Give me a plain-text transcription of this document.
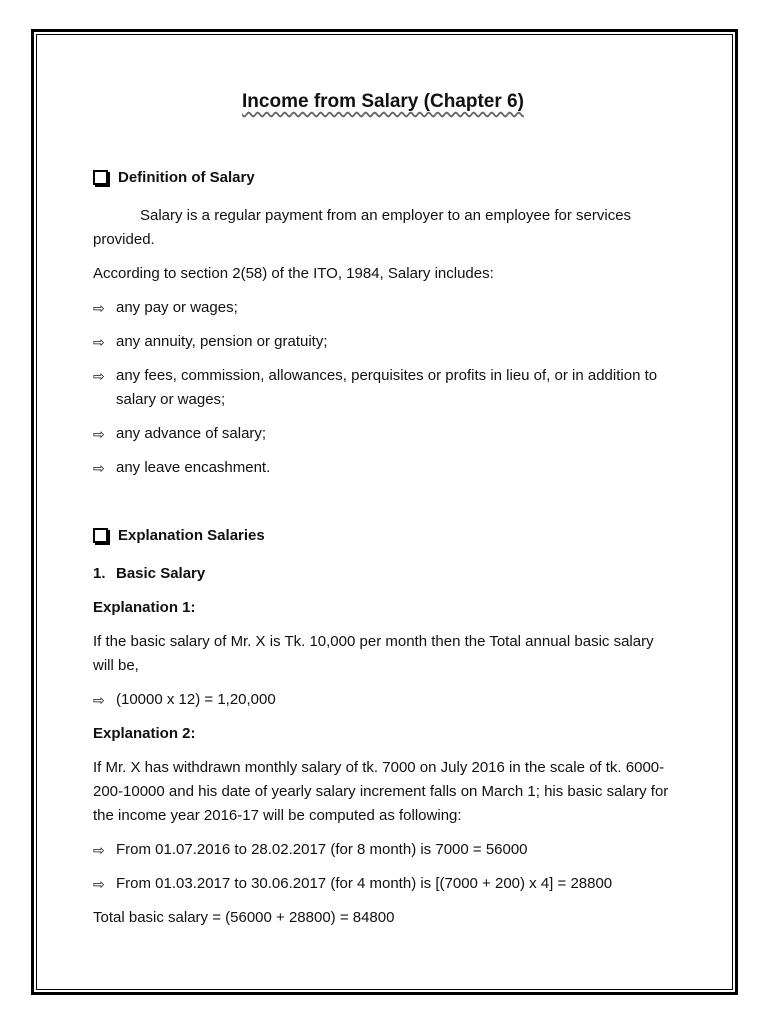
Income from Salary (Chapter 6)
Definition of Salary

Salary is a regular payment from an employer to an employee for services provided.

According to section 2(58) of the ITO, 1984, Salary includes:

⇨ any pay or wages;
⇨ any annuity, pension or gratuity;
⇨ any fees, commission, allowances, perquisites or profits in lieu of, or in addition to salary or wages;
⇨ any advance of salary;
⇨ any leave encashment.
Explanation Salaries
1. Basic Salary

Explanation 1:

If the basic salary of Mr. X is Tk. 10,000 per month then the Total annual basic salary will be,

⇨ (10000 x 12) = 1,20,000

Explanation 2:

If Mr. X has withdrawn monthly salary of tk. 7000 on July 2016 in the scale of tk. 6000-200-10000 and his date of yearly salary increment falls on March 1; his basic salary for the income year 2016-17 will be computed as following:

⇨ From 01.07.2016 to 28.02.2017 (for 8 month) is 7000 = 56000
⇨ From 01.03.2017 to 30.06.2017 (for 4 month) is [(7000 + 200) x 4] = 28800

Total basic salary = (56000 + 28800) = 84800
